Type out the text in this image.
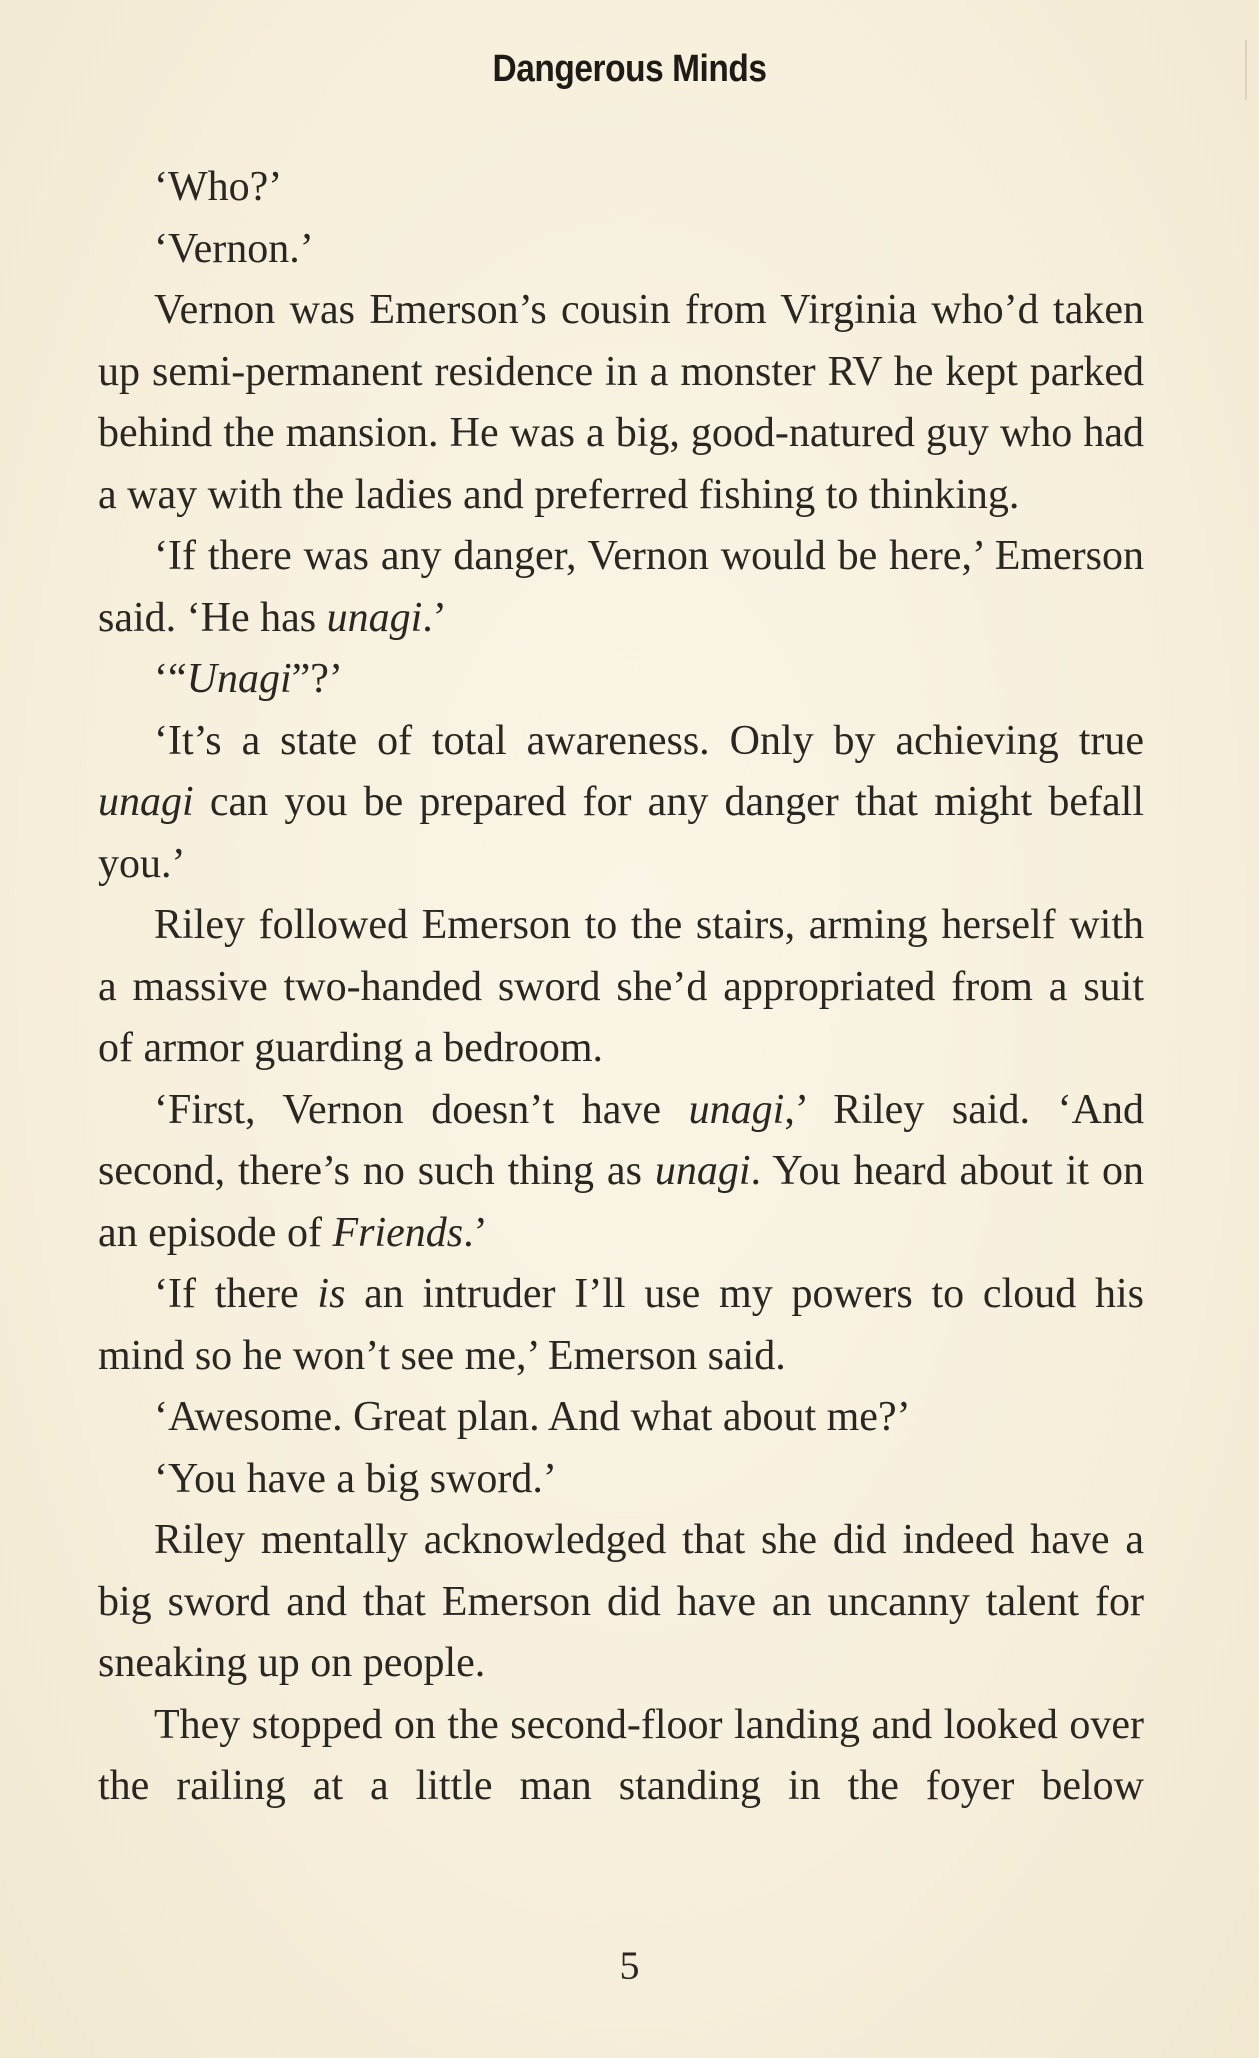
Dangerous Minds

‘Who?’

‘Vernon.’

Vernon was Emerson’s cousin from Virginia who’d taken up semi-permanent residence in a monster RV he kept parked behind the mansion. He was a big, good-natured guy who had a way with the ladies and preferred fishing to thinking.

‘If there was any danger, Vernon would be here,’ Emerson said. ‘He has unagi.’

‘“Unagi”?’

‘It’s a state of total awareness. Only by achieving true unagi can you be prepared for any danger that might befall you.’

Riley followed Emerson to the stairs, arming herself with a massive two-handed sword she’d appropriated from a suit of armor guarding a bedroom.

‘First, Vernon doesn’t have unagi,’ Riley said. ‘And second, there’s no such thing as unagi. You heard about it on an episode of Friends.’

‘If there is an intruder I’ll use my powers to cloud his mind so he won’t see me,’ Emerson said.

‘Awesome. Great plan. And what about me?’

‘You have a big sword.’

Riley mentally acknowledged that she did indeed have a big sword and that Emerson did have an uncanny talent for sneaking up on people.

They stopped on the second-floor landing and looked over the railing at a little man standing in the foyer below

5
